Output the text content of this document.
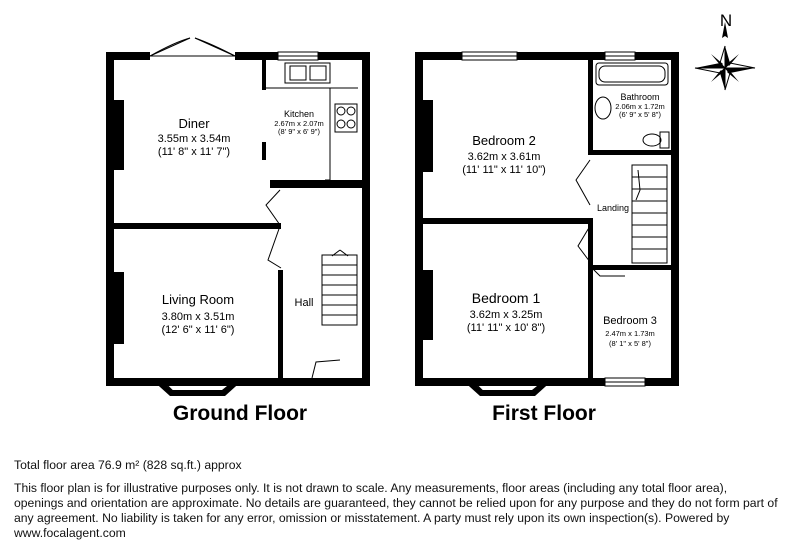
N
Diner
3.55m x 3.54m
(11' 8" x 11' 7")
Kitchen
2.67m x 2.07m
(8' 9" x 6' 9")
Living Room
3.80m x 3.51m
(12' 6" x 11' 6")
Hall
Bedroom 2
3.62m x 3.61m
(11' 11" x 11' 10")
Bathroom
2.06m x 1.72m
(6' 9" x 5' 8")
Landing
Bedroom 1
3.62m x 3.25m
(11' 11" x 10' 8")
Bedroom 3
2.47m x 1.73m
(8' 1" x 5' 8")
Ground Floor	First Floor
Total floor area 76.9 m² (828 sq.ft.) approx
This floor plan is for illustrative purposes only. It is not drawn to scale. Any measurements, floor areas (including any total floor area), openings and orientation are approximate. No details are guaranteed, they cannot be relied upon for any purpose and they do not form part of any agreement. No liability is taken for any error, omission or misstatement. A party must rely upon its own inspection(s). Powered by www.focalagent.com
